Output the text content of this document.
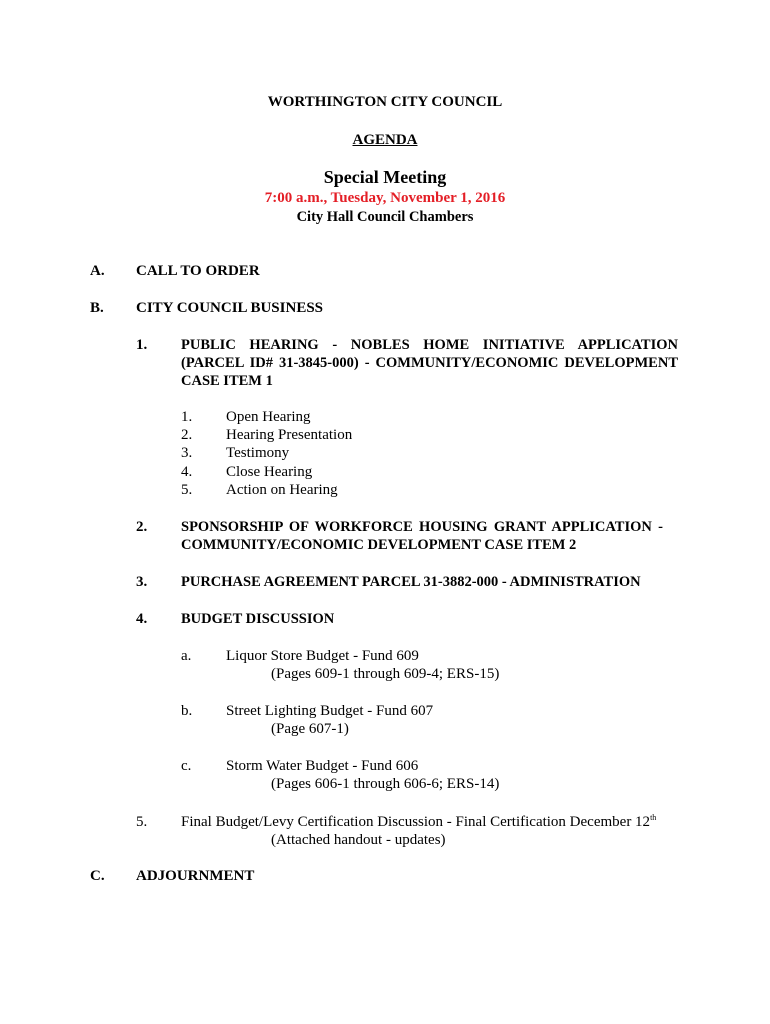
WORTHINGTON CITY COUNCIL
AGENDA
Special Meeting
7:00 a.m., Tuesday, November 1, 2016
City Hall Council Chambers
A. CALL TO ORDER
B. CITY COUNCIL BUSINESS
1. PUBLIC HEARING - NOBLES HOME INITIATIVE APPLICATION
(PARCEL ID# 31-3845-000) - COMMUNITY/ECONOMIC DEVELOPMENT
CASE ITEM 1
1. Open Hearing
2. Hearing Presentation
3. Testimony
4. Close Hearing
5. Action on Hearing
2. SPONSORSHIP OF WORKFORCE HOUSING GRANT APPLICATION -
COMMUNITY/ECONOMIC DEVELOPMENT CASE ITEM 2
3. PURCHASE AGREEMENT PARCEL 31-3882-000 - ADMINISTRATION
4. BUDGET DISCUSSION
a. Liquor Store Budget - Fund 609
(Pages 609-1 through 609-4; ERS-15)
b. Street Lighting Budget - Fund 607
(Page 607-1)
c. Storm Water Budget - Fund 606
(Pages 606-1 through 606-6; ERS-14)
5. Final Budget/Levy Certification Discussion - Final Certification December 12th
(Attached handout - updates)
C. ADJOURNMENT
